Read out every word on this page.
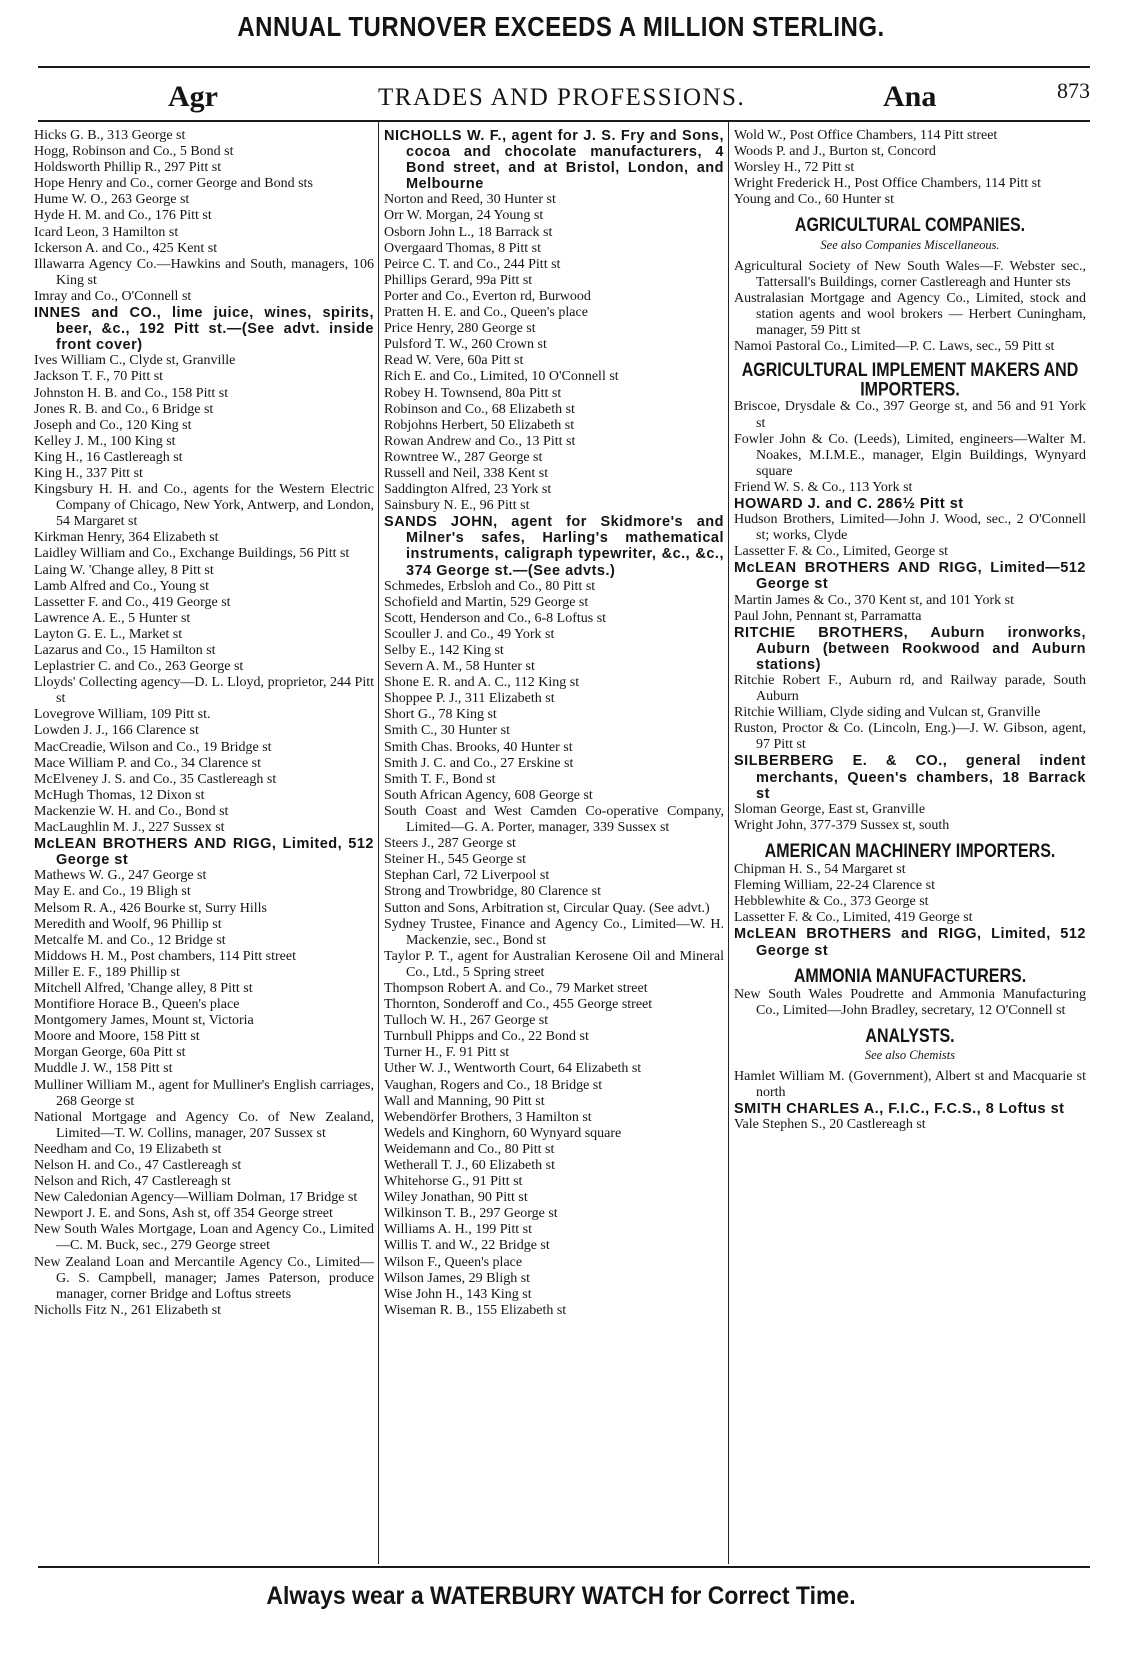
ANNUAL TURNOVER EXCEEDS A MILLION STERLING.
Agr	TRADES AND PROFESSIONS.	Ana	873
Hicks G. B., 313 George st
Hogg, Robinson and Co., 5 Bond st
Holdsworth Phillip R., 297 Pitt st
Hope Henry and Co., corner George and Bond sts
Hume W. O., 263 George st
Hyde H. M. and Co., 176 Pitt st
Icard Leon, 3 Hamilton st
Ickerson A. and Co., 425 Kent st
Illawarra Agency Co.—Hawkins and South, managers, 106 King st
Imray and Co., O'Connell st
INNES and CO., lime juice, wines, spirits, beer, &c., 192 Pitt st.—(See advt. inside front cover)
Ives William C., Clyde st, Granville
Jackson T. F., 70 Pitt st
Johnston H. B. and Co., 158 Pitt st
Jones R. B. and Co., 6 Bridge st
Joseph and Co., 120 King st
Kelley J. M., 100 King st
King H., 16 Castlereagh st
King H., 337 Pitt st
Kingsbury H. H. and Co., agents for the Western Electric Company of Chicago, New York, Antwerp, and London, 54 Margaret st
Kirkman Henry, 364 Elizabeth st
Laidley William and Co., Exchange Buildings, 56 Pitt st
Laing W. 'Change alley, 8 Pitt st
Lamb Alfred and Co., Young st
Lassetter F. and Co., 419 George st
Lawrence A. E., 5 Hunter st
Layton G. E. L., Market st
Lazarus and Co., 15 Hamilton st
Leplastrier C. and Co., 263 George st
Lloyds' Collecting agency—D. L. Lloyd, proprietor, 244 Pitt st
Lovegrove William, 109 Pitt st.
Lowden J. J., 166 Clarence st
MacCreadie, Wilson and Co., 19 Bridge st
Mace William P. and Co., 34 Clarence st
McElveney J. S. and Co., 35 Castlereagh st
McHugh Thomas, 12 Dixon st
Mackenzie W. H. and Co., Bond st
MacLaughlin M. J., 227 Sussex st
McLEAN BROTHERS AND RIGG, Limited, 512 George st
Mathews W. G., 247 George st
May E. and Co., 19 Bligh st
Melsom R. A., 426 Bourke st, Surry Hills
Meredith and Woolf, 96 Phillip st
Metcalfe M. and Co., 12 Bridge st
Middows H. M., Post chambers, 114 Pitt street
Miller E. F., 189 Phillip st
Mitchell Alfred, 'Change alley, 8 Pitt st
Montifiore Horace B., Queen's place
Montgomery James, Mount st, Victoria
Moore and Moore, 158 Pitt st
Morgan George, 60a Pitt st
Muddle J. W., 158 Pitt st
Mulliner William M., agent for Mulliner's English carriages, 268 George st
National Mortgage and Agency Co. of New Zealand, Limited—T. W. Collins, manager, 207 Sussex st
Needham and Co, 19 Elizabeth st
Nelson H. and Co., 47 Castlereagh st
Nelson and Rich, 47 Castlereagh st
New Caledonian Agency—William Dolman, 17 Bridge st
Newport J. E. and Sons, Ash st, off 354 George street
New South Wales Mortgage, Loan and Agency Co., Limited—C. M. Buck, sec., 279 George street
New Zealand Loan and Mercantile Agency Co., Limited—G. S. Campbell, manager; James Paterson, produce manager, corner Bridge and Loftus streets
Nicholls Fitz N., 261 Elizabeth st
NICHOLLS W. F., agent for J. S. Fry and Sons, cocoa and chocolate manufacturers, 4 Bond street, and at Bristol, London, and Melbourne
Norton and Reed, 30 Hunter st
Orr W. Morgan, 24 Young st
Osborn John L., 18 Barrack st
Overgaard Thomas, 8 Pitt st
Peirce C. T. and Co., 244 Pitt st
Phillips Gerard, 99a Pitt st
Porter and Co., Everton rd, Burwood
Pratten H. E. and Co., Queen's place
Price Henry, 280 George st
Pulsford T. W., 260 Crown st
Read W. Vere, 60a Pitt st
Rich E. and Co., Limited, 10 O'Connell st
Robey H. Townsend, 80a Pitt st
Robinson and Co., 68 Elizabeth st
Robjohns Herbert, 50 Elizabeth st
Rowan Andrew and Co., 13 Pitt st
Rowntree W., 287 George st
Russell and Neil, 338 Kent st
Saddington Alfred, 23 York st
Sainsbury N. E., 96 Pitt st
SANDS JOHN, agent for Skidmore's and Milner's safes, Harling's mathematical instruments, caligraph typewriter, &c., &c., 374 George st.—(See advts.)
Schmedes, Erbsloh and Co., 80 Pitt st
Schofield and Martin, 529 George st
Scott, Henderson and Co., 6-8 Loftus st
Scouller J. and Co., 49 York st
Selby E., 142 King st
Severn A. M., 58 Hunter st
Shone E. R. and A. C., 112 King st
Shoppee P. J., 311 Elizabeth st
Short G., 78 King st
Smith C., 30 Hunter st
Smith Chas. Brooks, 40 Hunter st
Smith J. C. and Co., 27 Erskine st
Smith T. F., Bond st
South African Agency, 608 George st
South Coast and West Camden Co-operative Company, Limited—G. A. Porter, manager, 339 Sussex st
Steers J., 287 George st
Steiner H., 545 George st
Stephan Carl, 72 Liverpool st
Strong and Trowbridge, 80 Clarence st
Sutton and Sons, Arbitration st, Circular Quay. (See advt.)
Sydney Trustee, Finance and Agency Co., Limited—W. H. Mackenzie, sec., Bond st
Taylor P. T., agent for Australian Kerosene Oil and Mineral Co., Ltd., 5 Spring street
Thompson Robert A. and Co., 79 Market street
Thornton, Sonderoff and Co., 455 George street
Tulloch W. H., 267 George st
Turnbull Phipps and Co., 22 Bond st
Turner H., F. 91 Pitt st
Uther W. J., Wentworth Court, 64 Elizabeth st
Vaughan, Rogers and Co., 18 Bridge st
Wall and Manning, 90 Pitt st
Webendörfer Brothers, 3 Hamilton st
Wedels and Kinghorn, 60 Wynyard square
Weidemann and Co., 80 Pitt st
Wetherall T. J., 60 Elizabeth st
Whitehorse G., 91 Pitt st
Wiley Jonathan, 90 Pitt st
Wilkinson T. B., 297 George st
Williams A. H., 199 Pitt st
Willis T. and W., 22 Bridge st
Wilson F., Queen's place
Wilson James, 29 Bligh st
Wise John H., 143 King st
Wiseman R. B., 155 Elizabeth st
Wold W., Post Office Chambers, 114 Pitt street
Woods P. and J., Burton st, Concord
Worsley H., 72 Pitt st
Wright Frederick H., Post Office Chambers, 114 Pitt st
Young and Co., 60 Hunter st
AGRICULTURAL COMPANIES.
See also Companies Miscellaneous.
Agricultural Society of New South Wales—F. Webster sec., Tattersall's Buildings, corner Castlereagh and Hunter sts
Australasian Mortgage and Agency Co., Limited, stock and station agents and wool brokers — Herbert Cuningham, manager, 59 Pitt st
Namoi Pastoral Co., Limited—P. C. Laws, sec., 59 Pitt st
AGRICULTURAL IMPLEMENT MAKERS AND IMPORTERS.
Briscoe, Drysdale & Co., 397 George st, and 56 and 91 York st
Fowler John & Co. (Leeds), Limited, engineers—Walter M. Noakes, M.I.M.E., manager, Elgin Buildings, Wynyard square
Friend W. S. & Co., 113 York st
HOWARD J. and C. 286½ Pitt st
Hudson Brothers, Limited—John J. Wood, sec., 2 O'Connell st; works, Clyde
Lassetter F. & Co., Limited, George st
McLEAN BROTHERS AND RIGG, Limited—512 George st
Martin James & Co., 370 Kent st, and 101 York st
Paul John, Pennant st, Parramatta
RITCHIE BROTHERS, Auburn ironworks, Auburn (between Rookwood and Auburn stations)
Ritchie Robert F., Auburn rd, and Railway parade, South Auburn
Ritchie William, Clyde siding and Vulcan st, Granville
Ruston, Proctor & Co. (Lincoln, Eng.)—J. W. Gibson, agent, 97 Pitt st
SILBERBERG E. & CO., general indent merchants, Queen's chambers, 18 Barrack st
Sloman George, East st, Granville
Wright John, 377-379 Sussex st, south
AMERICAN MACHINERY IMPORTERS.
Chipman H. S., 54 Margaret st
Fleming William, 22-24 Clarence st
Hebblewhite & Co., 373 George st
Lassetter F. & Co., Limited, 419 George st
McLEAN BROTHERS and RIGG, Limited, 512 George st
AMMONIA MANUFACTURERS.
New South Wales Poudrette and Ammonia Manufacturing Co., Limited—John Bradley, secretary, 12 O'Connell st
ANALYSTS.
See also Chemists
Hamlet William M. (Government), Albert st and Macquarie st north
SMITH CHARLES A., F.I.C., F.C.S., 8 Loftus st
Vale Stephen S., 20 Castlereagh st
Always wear a WATERBURY WATCH for Correct Time.
